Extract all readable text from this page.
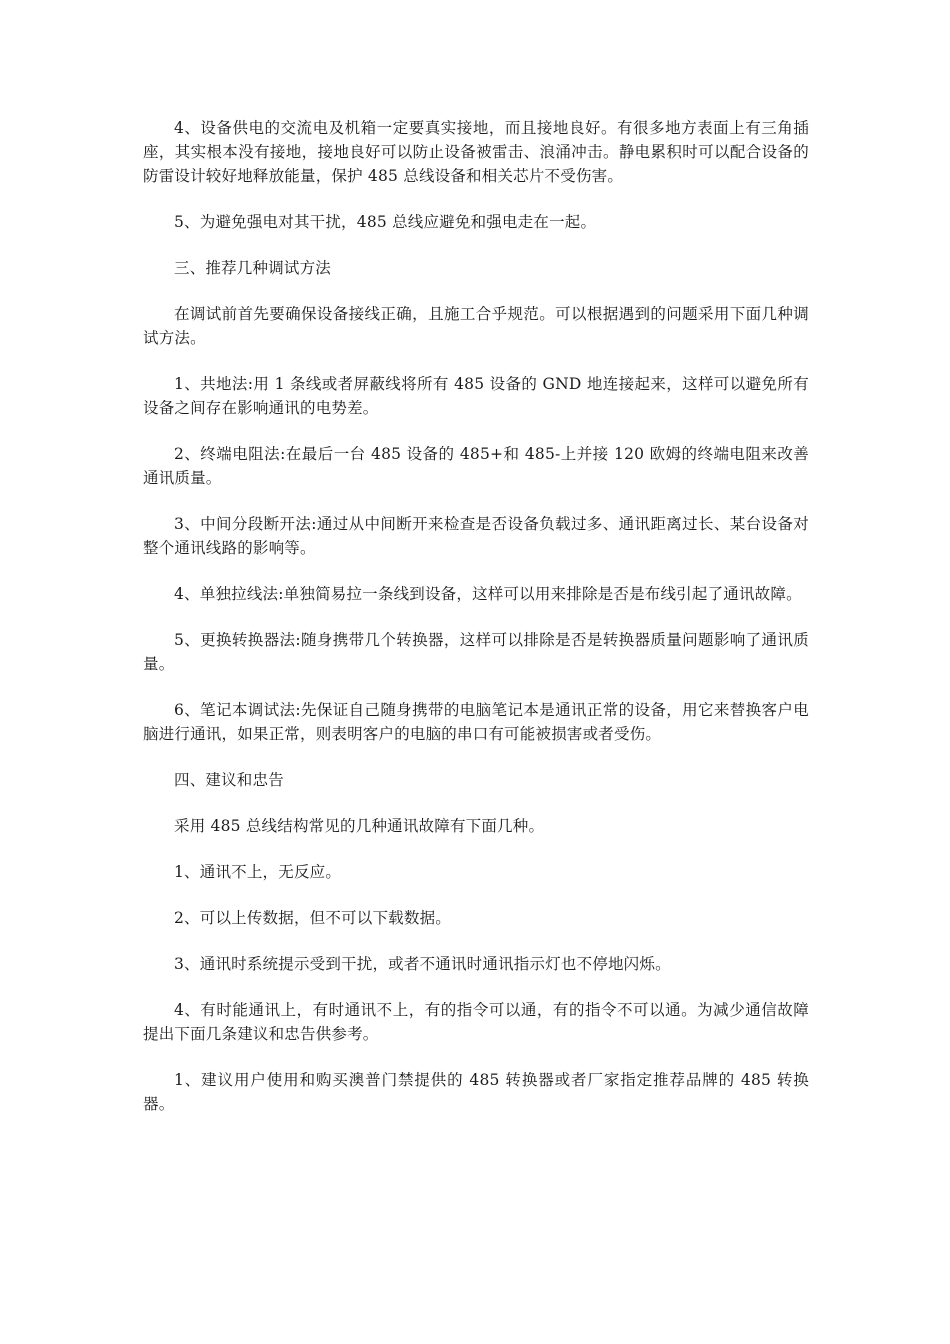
4、设备供电的交流电及机箱一定要真实接地，而且接地良好。有很多地方表面上有三角插座，其实根本没有接地，接地良好可以防止设备被雷击、浪涌冲击。静电累积时可以配合设备的防雷设计较好地释放能量，保护 485 总线设备和相关芯片不受伤害。

5、为避免强电对其干扰，485 总线应避免和强电走在一起。

三、推荐几种调试方法

在调试前首先要确保设备接线正确，且施工合乎规范。可以根据遇到的问题采用下面几种调试方法。

1、共地法:用 1 条线或者屏蔽线将所有 485 设备的 GND 地连接起来，这样可以避免所有设备之间存在影响通讯的电势差。

2、终端电阻法:在最后一台 485 设备的 485+和 485-上并接 120 欧姆的终端电阻来改善通讯质量。

3、中间分段断开法:通过从中间断开来检查是否设备负载过多、通讯距离过长、某台设备对整个通讯线路的影响等。

4、单独拉线法:单独简易拉一条线到设备，这样可以用来排除是否是布线引起了通讯故障。

5、更换转换器法:随身携带几个转换器，这样可以排除是否是转换器质量问题影响了通讯质量。

6、笔记本调试法:先保证自己随身携带的电脑笔记本是通讯正常的设备，用它来替换客户电脑进行通讯，如果正常，则表明客户的电脑的串口有可能被损害或者受伤。

四、建议和忠告

采用 485 总线结构常见的几种通讯故障有下面几种。

1、通讯不上，无反应。

2、可以上传数据，但不可以下载数据。

3、通讯时系统提示受到干扰，或者不通讯时通讯指示灯也不停地闪烁。

4、有时能通讯上，有时通讯不上，有的指令可以通，有的指令不可以通。为减少通信故障提出下面几条建议和忠告供参考。

1、建议用户使用和购买澳普门禁提供的 485 转换器或者厂家指定推荐品牌的 485 转换器。
